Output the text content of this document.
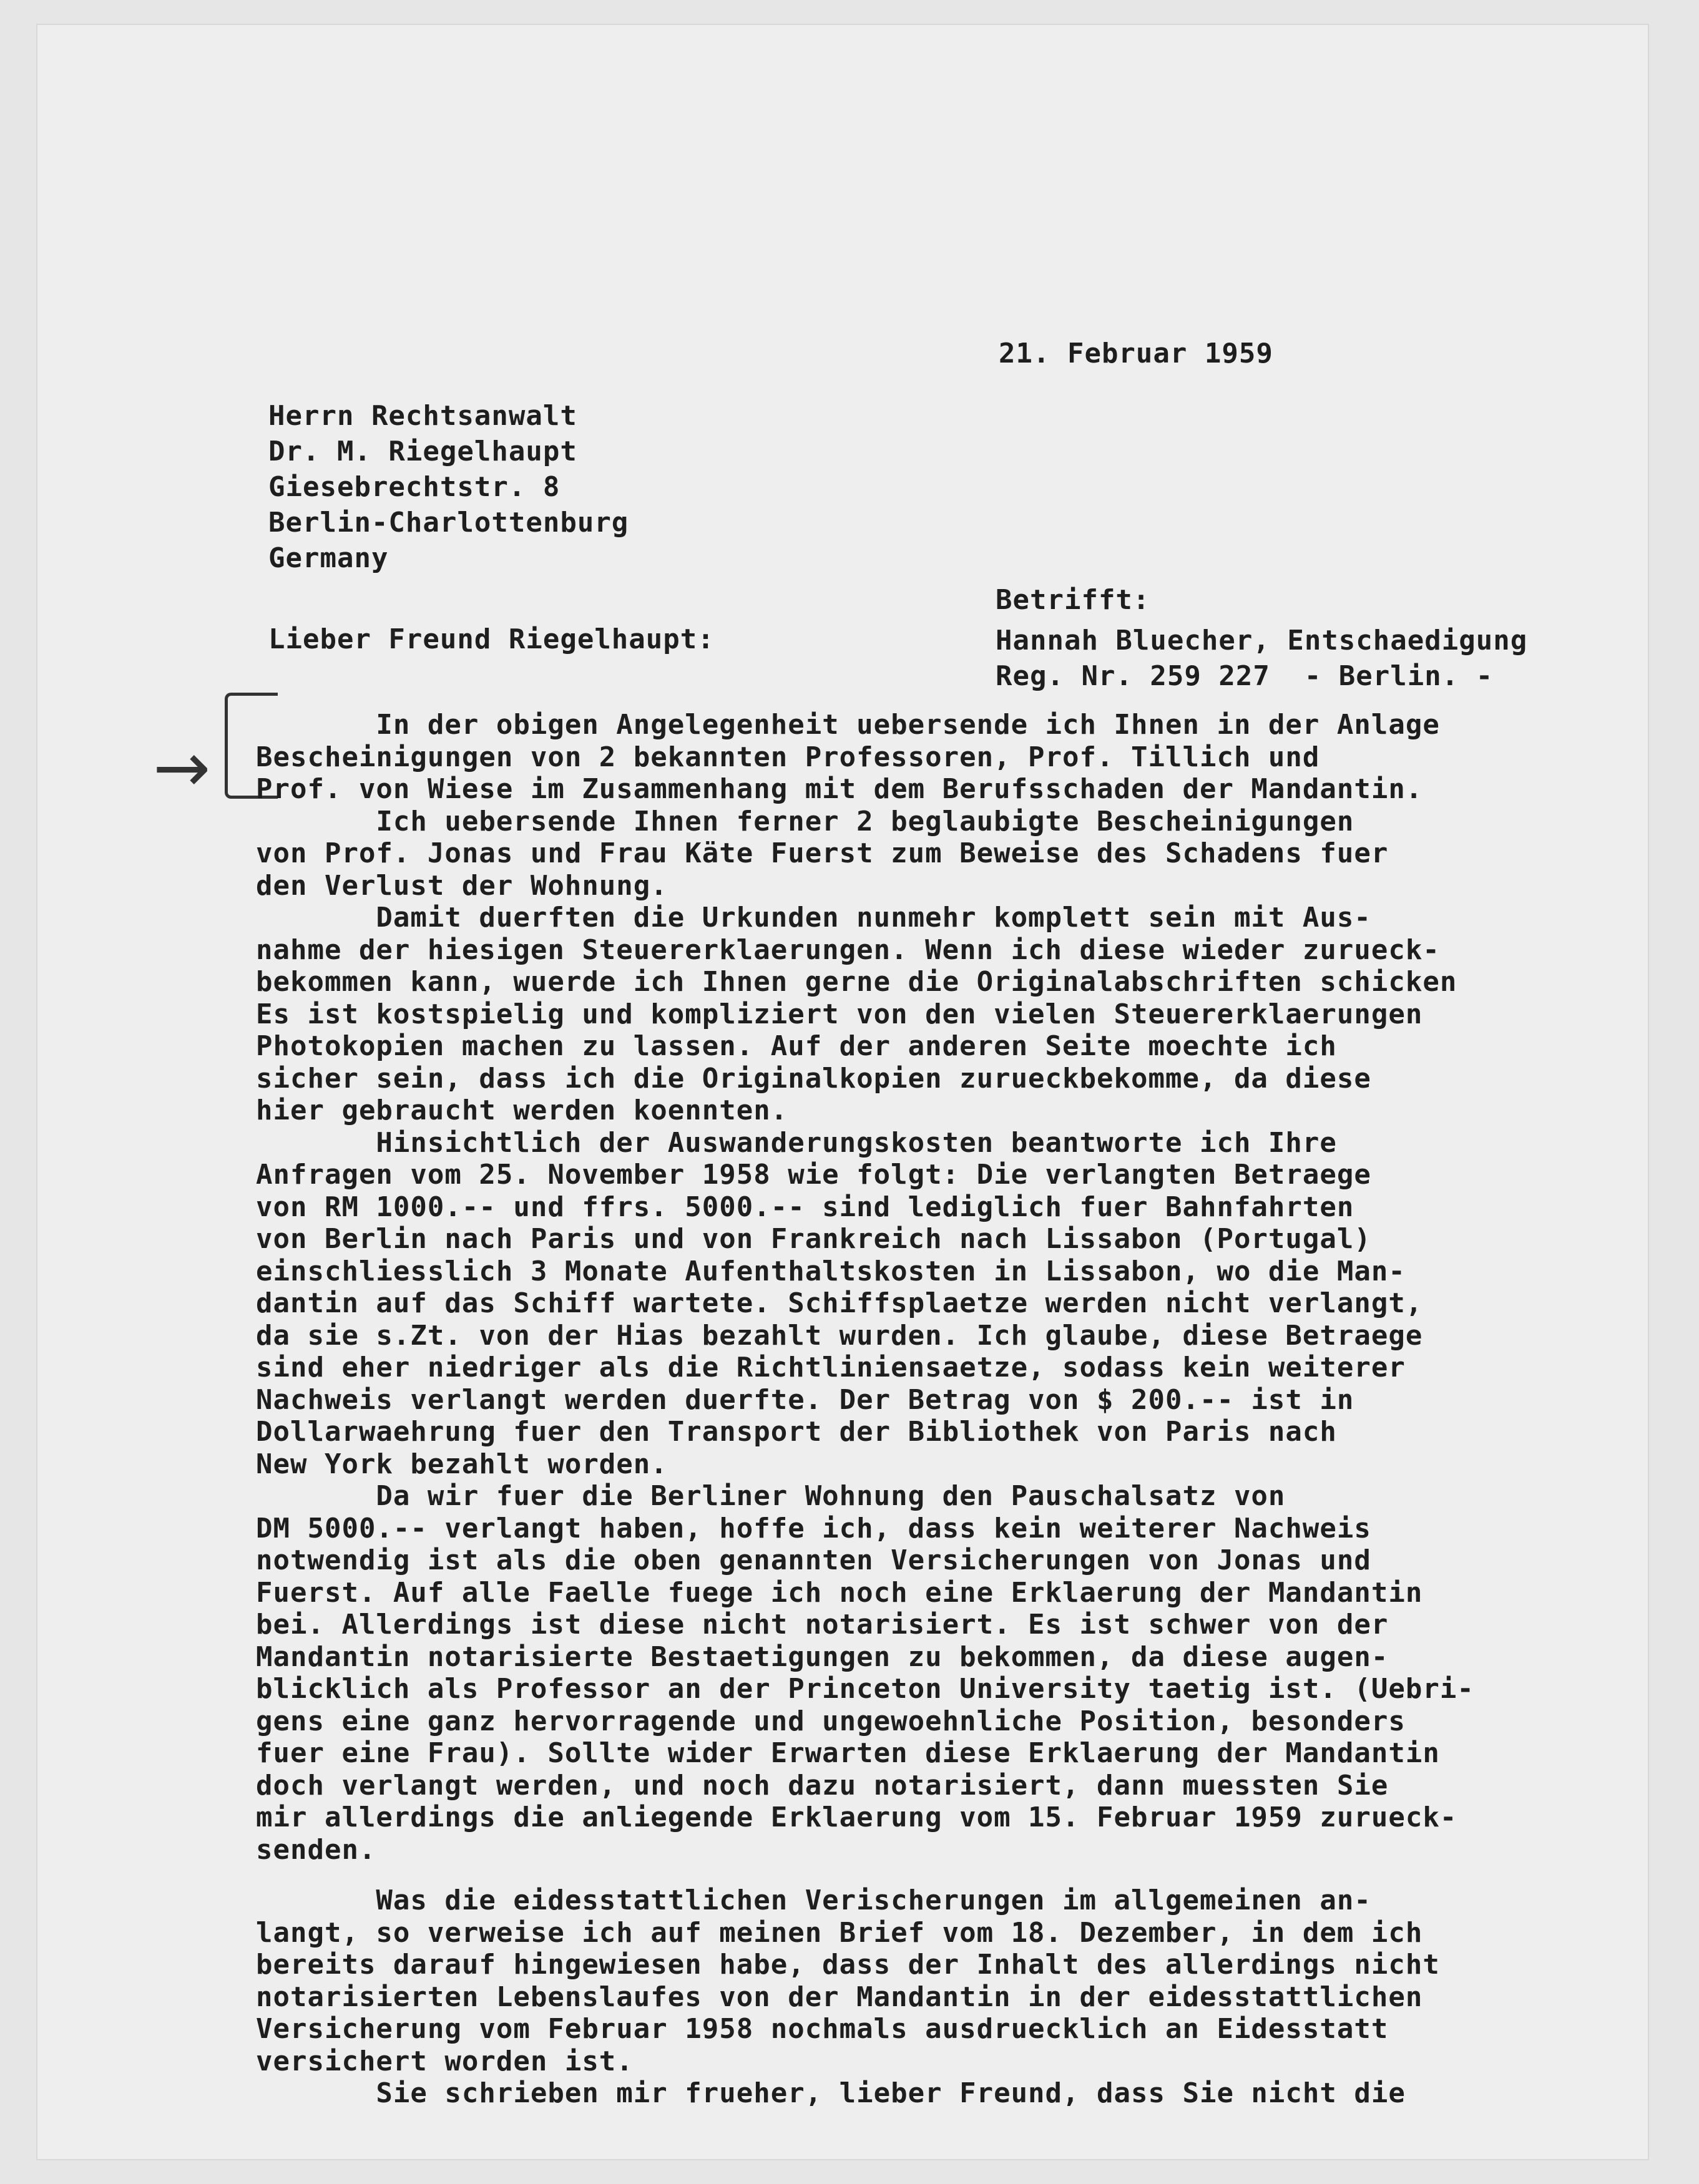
→
21. Februar 1959
Herrn Rechtsanwalt
Dr. M. Riegelhaupt
Giesebrechtstr. 8
Berlin-Charlottenburg
Germany
Betrifft:
Hannah Bluecher, Entschaedigung
Reg. Nr. 259 227  - Berlin. -
Lieber Freund Riegelhaupt:
In der obigen Angelegenheit uebersende ich Ihnen in der Anlage
Bescheinigungen von 2 bekannten Professoren, Prof. Tillich und
Prof. von Wiese im Zusammenhang mit dem Berufsschaden der Mandantin.
Ich uebersende Ihnen ferner 2 beglaubigte Bescheinigungen
von Prof. Jonas und Frau Käte Fuerst zum Beweise des Schadens fuer
den Verlust der Wohnung.
Damit duerften die Urkunden nunmehr komplett sein mit Aus-
nahme der hiesigen Steuererklaerungen. Wenn ich diese wieder zurueck-
bekommen kann, wuerde ich Ihnen gerne die Originalabschriften schicken
Es ist kostspielig und kompliziert von den vielen Steuererklaerungen
Photokopien machen zu lassen. Auf der anderen Seite moechte ich
sicher sein, dass ich die Originalkopien zurueckbekomme, da diese
hier gebraucht werden koennten.
Hinsichtlich der Auswanderungskosten beantworte ich Ihre
Anfragen vom 25. November 1958 wie folgt: Die verlangten Betraege
von RM 1000.-- und ffrs. 5000.-- sind lediglich fuer Bahnfahrten
von Berlin nach Paris und von Frankreich nach Lissabon (Portugal)
einschliesslich 3 Monate Aufenthaltskosten in Lissabon, wo die Man-
dantin auf das Schiff wartete. Schiffsplaetze werden nicht verlangt,
da sie s.Zt. von der Hias bezahlt wurden. Ich glaube, diese Betraege
sind eher niedriger als die Richtliniensaetze, sodass kein weiterer
Nachweis verlangt werden duerfte. Der Betrag von $ 200.-- ist in
Dollarwaehrung fuer den Transport der Bibliothek von Paris nach
New York bezahlt worden.
Da wir fuer die Berliner Wohnung den Pauschalsatz von
DM 5000.-- verlangt haben, hoffe ich, dass kein weiterer Nachweis
notwendig ist als die oben genannten Versicherungen von Jonas und
Fuerst. Auf alle Faelle fuege ich noch eine Erklaerung der Mandantin
bei. Allerdings ist diese nicht notarisiert. Es ist schwer von der
Mandantin notarisierte Bestaetigungen zu bekommen, da diese augen-
blicklich als Professor an der Princeton University taetig ist. (Uebri-
gens eine ganz hervorragende und ungewoehnliche Position, besonders
fuer eine Frau). Sollte wider Erwarten diese Erklaerung der Mandantin
doch verlangt werden, und noch dazu notarisiert, dann muessten Sie
mir allerdings die anliegende Erklaerung vom 15. Februar 1959 zurueck-
senden.
Was die eidesstattlichen Verischerungen im allgemeinen an-
langt, so verweise ich auf meinen Brief vom 18. Dezember, in dem ich
bereits darauf hingewiesen habe, dass der Inhalt des allerdings nicht
notarisierten Lebenslaufes von der Mandantin in der eidesstattlichen
Versicherung vom Februar 1958 nochmals ausdruecklich an Eidesstatt
versichert worden ist.
Sie schrieben mir frueher, lieber Freund, dass Sie nicht die
